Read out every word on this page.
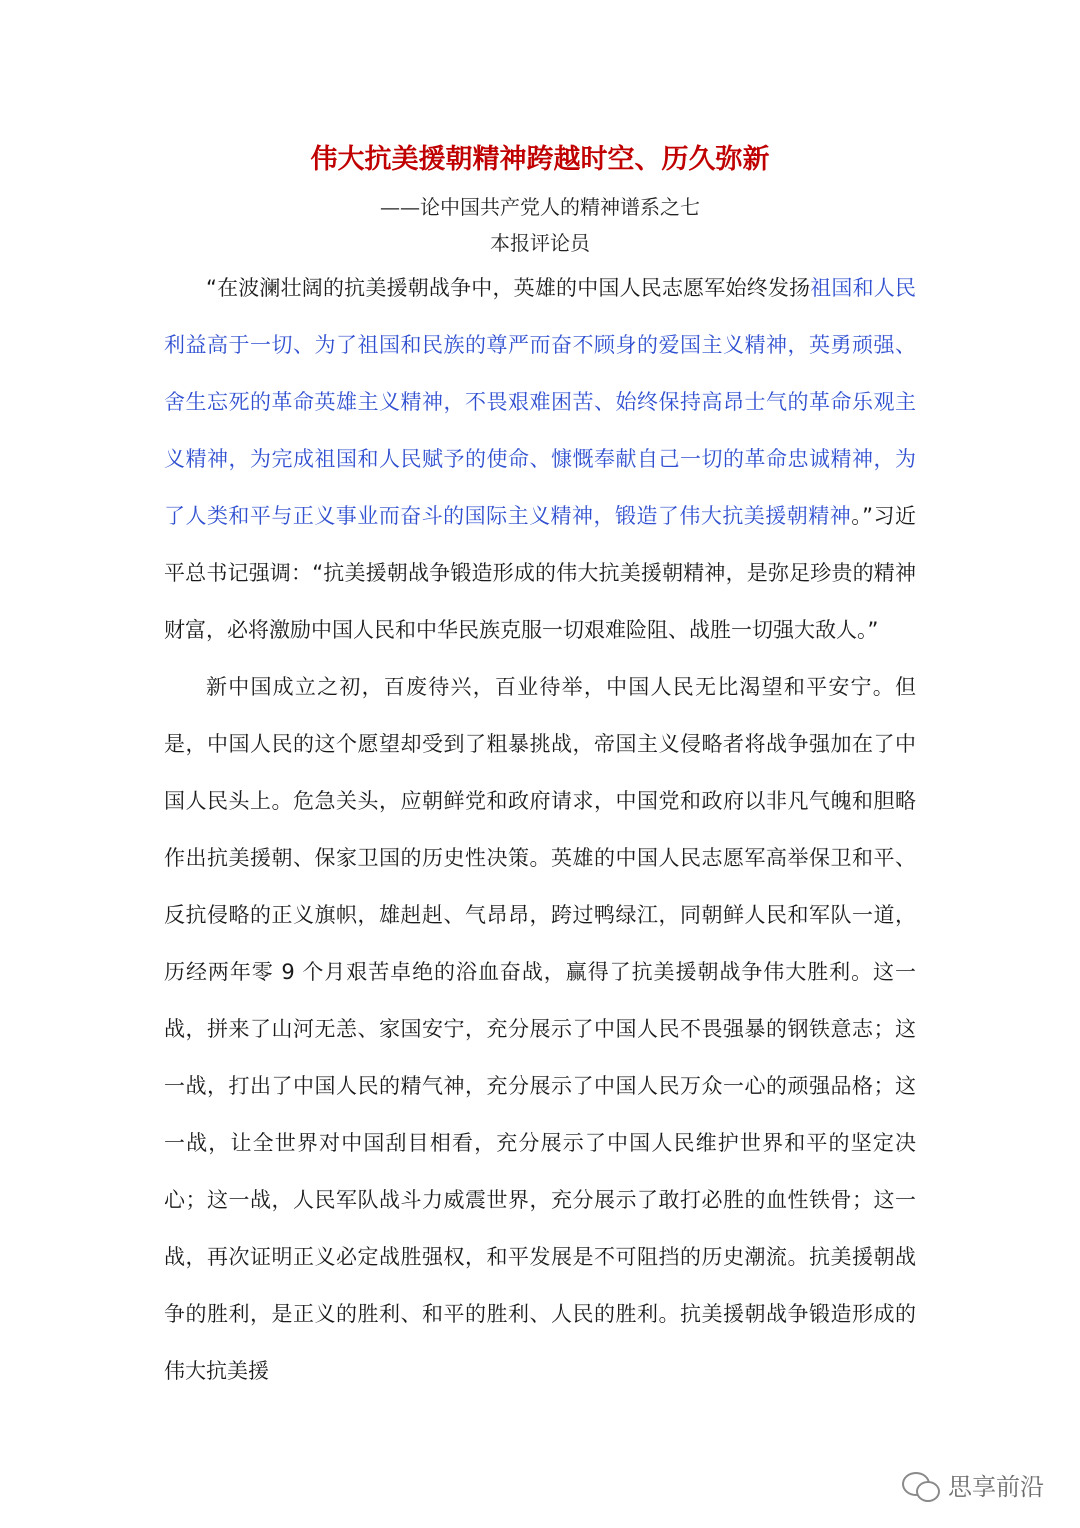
伟大抗美援朝精神跨越时空、历久弥新
——论中国共产党人的精神谱系之七
本报评论员

“在波澜壮阔的抗美援朝战争中，英雄的中国人民志愿军始终发扬祖国和人民利益高于一切、为了祖国和民族的尊严而奋不顾身的爱国主义精神，英勇顽强、舍生忘死的革命英雄主义精神，不畏艰难困苦、始终保持高昂士气的革命乐观主义精神，为完成祖国和人民赋予的使命、慷慨奉献自己一切的革命忠诚精神，为了人类和平与正义事业而奋斗的国际主义精神，锻造了伟大抗美援朝精神。”习近平总书记强调：“抗美援朝战争锻造形成的伟大抗美援朝精神，是弥足珍贵的精神财富，必将激励中国人民和中华民族克服一切艰难险阻、战胜一切强大敌人。”

新中国成立之初，百废待兴，百业待举，中国人民无比渴望和平安宁。但是，中国人民的这个愿望却受到了粗暴挑战，帝国主义侵略者将战争强加在了中国人民头上。危急关头，应朝鲜党和政府请求，中国党和政府以非凡气魄和胆略作出抗美援朝、保家卫国的历史性决策。英雄的中国人民志愿军高举保卫和平、反抗侵略的正义旗帜，雄赳赳、气昂昂，跨过鸭绿江，同朝鲜人民和军队一道，历经两年零 9 个月艰苦卓绝的浴血奋战，赢得了抗美援朝战争伟大胜利。这一战，拼来了山河无恙、家国安宁，充分展示了中国人民不畏强暴的钢铁意志；这一战，打出了中国人民的精气神，充分展示了中国人民万众一心的顽强品格；这一战，让全世界对中国刮目相看，充分展示了中国人民维护世界和平的坚定决心；这一战，人民军队战斗力威震世界，充分展示了敢打必胜的血性铁骨；这一战，再次证明正义必定战胜强权，和平发展是不可阻挡的历史潮流。抗美援朝战争的胜利，是正义的胜利、和平的胜利、人民的胜利。抗美援朝战争锻造形成的伟大抗美援

思享前沿
